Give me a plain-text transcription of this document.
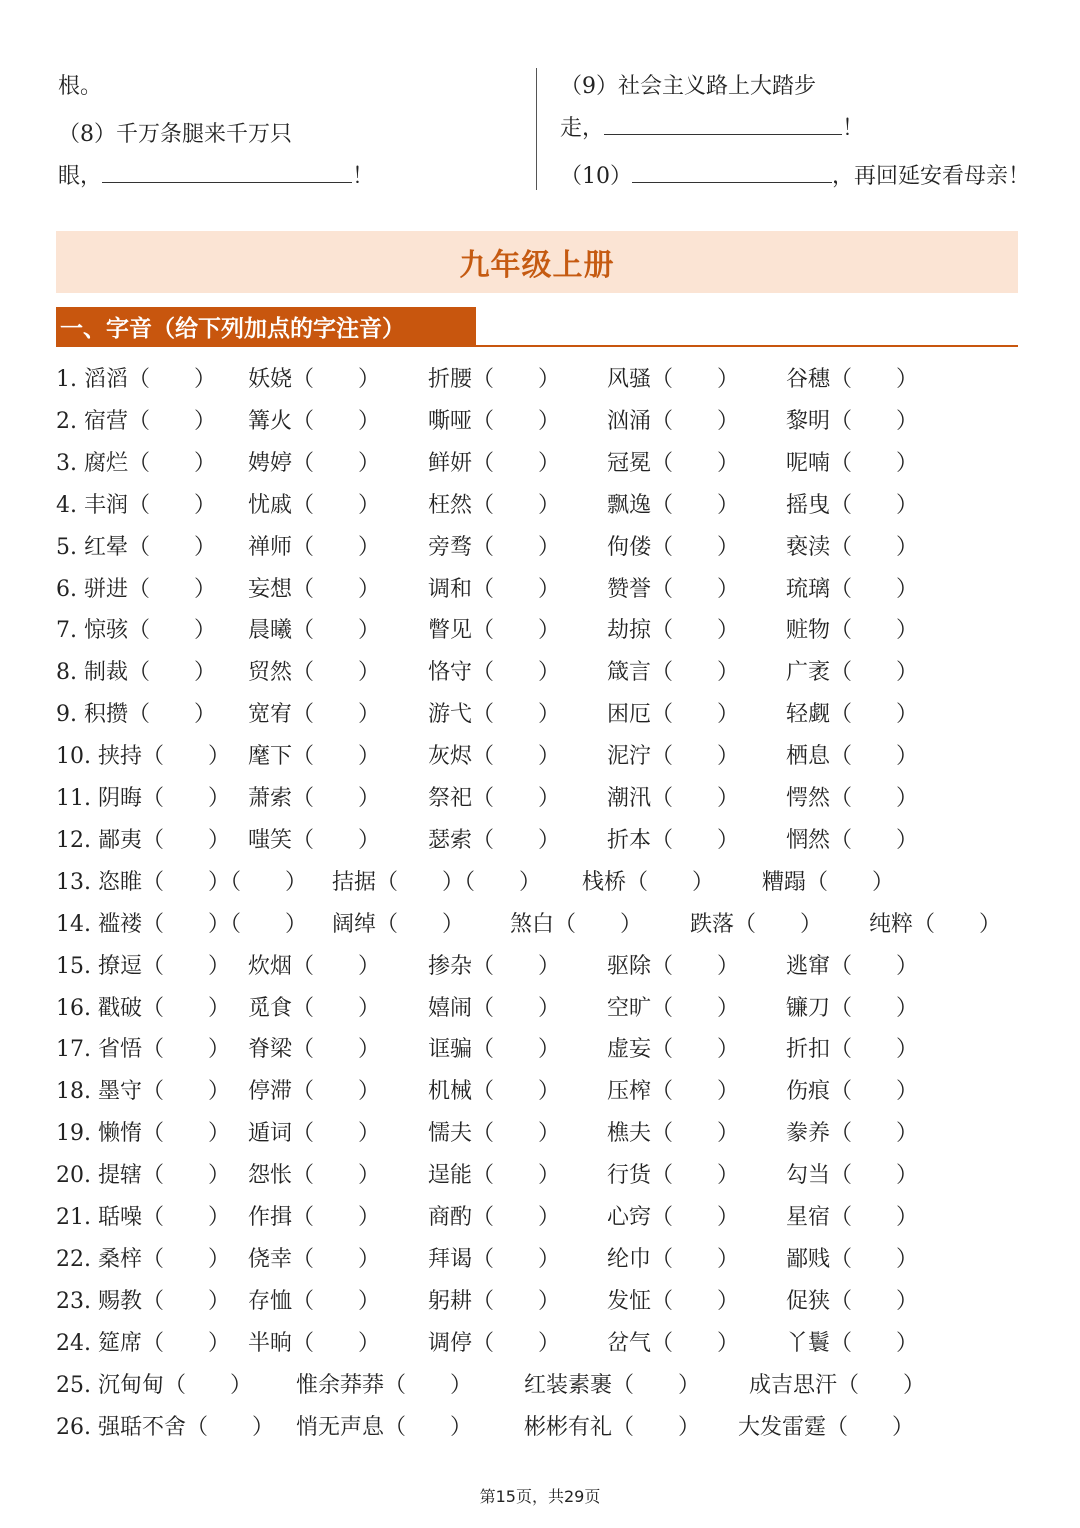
根。
（8）千万条腿来千万只
眼，	！
（9）社会主义路上大踏步
走，	！
（10）	，再回延安看母亲！
九年级上册
一、字音（给下列加点的字注音）
1. 滔滔（　　） 妖娆（　　） 折腰（　　） 风骚（　　） 谷穗（　　）
2. 宿营（　　） 篝火（　　） 嘶哑（　　） 汹涌（　　） 黎明（　　）
3. 腐烂（　　） 娉婷（　　） 鲜妍（　　） 冠冕（　　） 呢喃（　　）
4. 丰润（　　） 忧戚（　　） 枉然（　　） 飘逸（　　） 摇曳（　　）
5. 红晕（　　） 禅师（　　） 旁骛（　　） 佝偻（　　） 亵渎（　　）
6. 骈进（　　） 妄想（　　） 调和（　　） 赞誉（　　） 琉璃（　　）
7. 惊骇（　　） 晨曦（　　） 瞥见（　　） 劫掠（　　） 赃物（　　）
8. 制裁（　　） 贸然（　　） 恪守（　　） 箴言（　　） 广袤（　　）
9. 积攒（　　） 宽宥（　　） 游弋（　　） 困厄（　　） 轻觑（　　）
10. 挟持（　　） 麾下（　　） 灰烬（　　） 泥泞（　　） 栖息（　　）
11. 阴晦（　　） 萧索（　　） 祭祀（　　） 潮汛（　　） 愕然（　　）
12. 鄙夷（　　） 嗤笑（　　） 瑟索（　　） 折本（　　） 惘然（　　）
13. 恣睢（　　）（　　） 拮据（　　）（　　） 栈桥（　　） 糟蹋（　　）
14. 褴褛（　　）（　　） 阔绰（　　） 煞白（　　） 跌落（　　） 纯粹（　　）
15. 撩逗（　　） 炊烟（　　） 掺杂（　　） 驱除（　　） 逃窜（　　）
16. 戳破（　　） 觅食（　　） 嬉闹（　　） 空旷（　　） 镰刀（　　）
17. 省悟（　　） 脊梁（　　） 诓骗（　　） 虚妄（　　） 折扣（　　）
18. 墨守（　　） 停滞（　　） 机械（　　） 压榨（　　） 伤痕（　　）
19. 懒惰（　　） 遁词（　　） 懦夫（　　） 樵夫（　　） 豢养（　　）
20. 提辖（　　） 怨怅（　　） 逞能（　　） 行货（　　） 勾当（　　）
21. 聒噪（　　） 作揖（　　） 商酌（　　） 心窍（　　） 星宿（　　）
22. 桑梓（　　） 侥幸（　　） 拜谒（　　） 纶巾（　　） 鄙贱（　　）
23. 赐教（　　） 存恤（　　） 躬耕（　　） 发怔（　　） 促狭（　　）
24. 筵席（　　） 半晌（　　） 调停（　　） 岔气（　　） 丫鬟（　　）
25. 沉甸甸（　　） 惟余莽莽（　　） 红装素裹（　　） 成吉思汗（　　）
26. 强聒不舍（　　） 悄无声息（　　） 彬彬有礼（　　） 大发雷霆（　　）
第15页，共29页
